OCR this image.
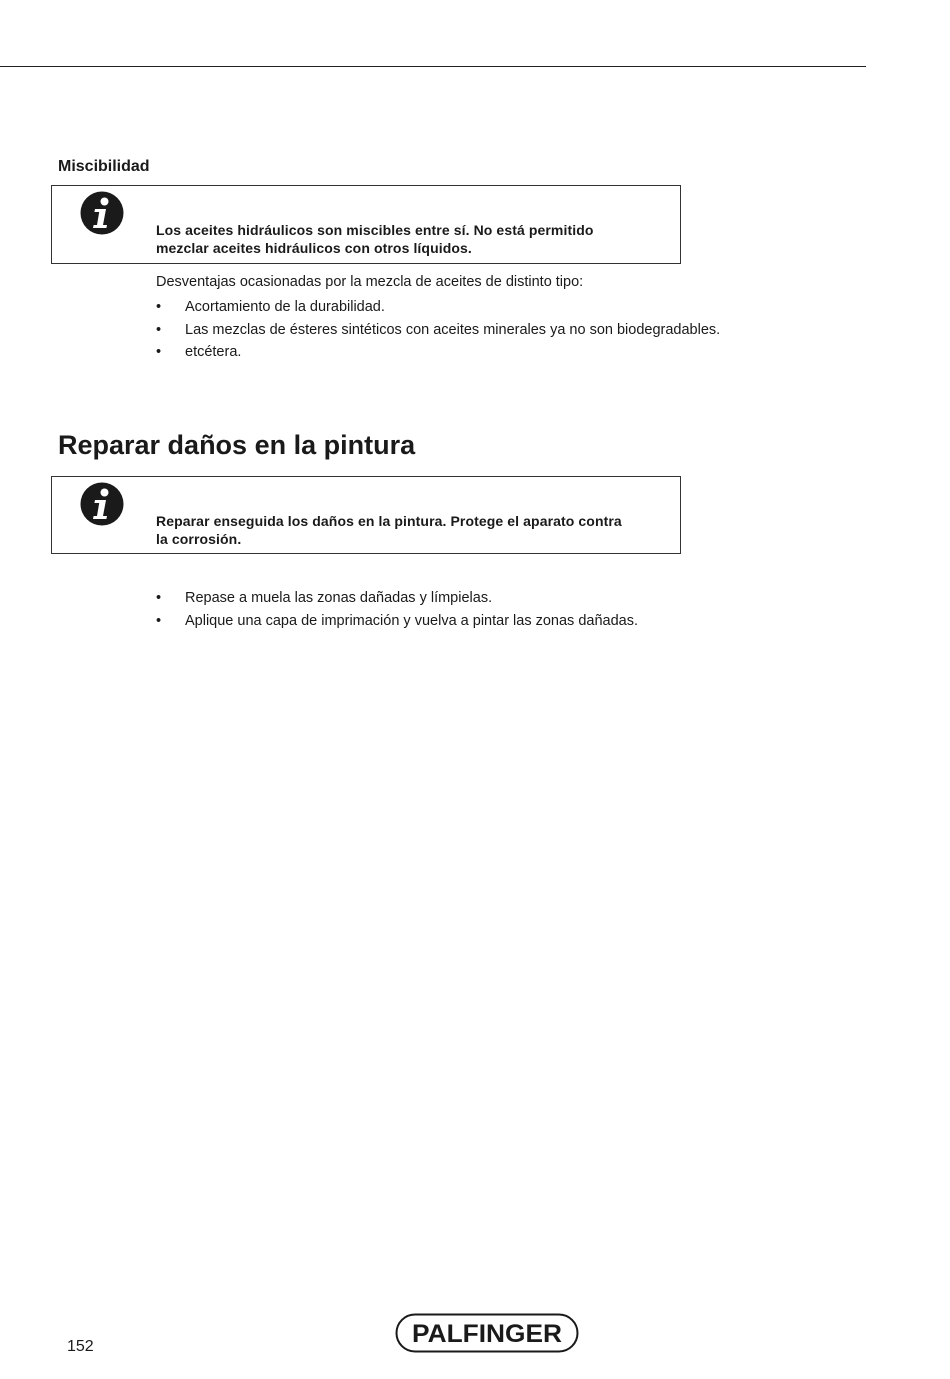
Miscibilidad
Los aceites hidráulicos son miscibles entre sí. No está permitido
mezclar aceites hidráulicos con otros líquidos.
Desventajas ocasionadas por la mezcla de aceites de distinto tipo:
• Acortamiento de la durabilidad.
• Las mezclas de ésteres sintéticos con aceites minerales ya no son biodegradables.
• etcétera.
Reparar daños en la pintura
Reparar enseguida los daños en la pintura. Protege el aparato contra
la corrosión.
• Repase a muela las zonas dañadas y límpielas.
• Aplique una capa de imprimación y vuelva a pintar las zonas dañadas.
152	PALFINGER
